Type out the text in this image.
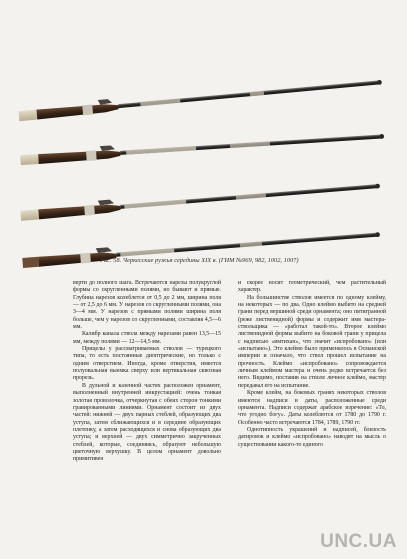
Рис. 58. Черкесские ружья середины XIX в. (ГИМ №969, 982, 1002, 1007)

верти до полного шага. Встречаются нарезы полукруглой формы со скругленными полями, но бывают и прямые. Глубина нарезов колеблется от 0,5 до 2 мм, ширина поля — от 2,5 до 6 мм. У нарезов со скругленными полями, она 3—4 мм. У нарезов с прямыми полями ширина поля больше, чем у нарезов со скругленными, составляя 4,5—6 мм.

Калибр канала ствола между нарезами равен 13,5—15 мм, между полями — 12—14,5 мм.

Прицелы у рассматриваемых стволов — турецкого типа, то есть постоянные диоптрические, но только с одним отверстием. Иногда, кроме отверстия, имеется полуовальная выемка сверху или вертикальная сквозная прорезь.

В дульной и казенной частях расположен орнамент, выполненный внутренней инкрустацией: очень тонкая золотая проволочка, отчеркнутая с обеих сторон тонкими гравированными линиями. Орнамент состоит из двух частей: нижней — двух парных стеблей, образующих два уступа, затем сближающихся и в середине образующих плетенку, а затем расходящихся и снова образующих два уступа; и верхней — двух симметрично закрученных стеблей, которые, соединяясь, образуют небольшую цветочную верхушку. В целом орнамент довольно примитивен

и скорее носит геометрический, чем растительный характер.

На большинстве стволов имеется по одному клейму, на некоторых — по два. Одно клеймо выбито на средней грани перед вершиной среди орнамента; оно пятигранной (реже лиственидной) формы и содержит имя мастера-ствольщика — «работал такой-то». Второе клеймо лиственидной формы выбито на боковой грани у прицела с надписью «имтихан», что значит «испробовано» (или «испытано»). Это клеймо было применялось в Османской империи и означало, что ствол прошел испытание на прочность. Клеймо «испробовано» сопровождается личным клеймом мастера и очень редко встречается без него. Видимо, поставив на стволе личное клеймо, мастер передавал его на испытание.

Кроме клейм, на боковых гранях некоторых стволов имеются надписи и даты, расположенные среди орнамента. Надписи содержат арабское изречение: «То, что угодно богу». Даты колеблются от 1780 до 1790 г. Особенно часто встречаются 1784, 1789, 1790 гг.

Однотипность украшений и надписей, близость датировок и клеймо «испробовано» наводят на мысль о существовании какого-то единого

UNC.UA
